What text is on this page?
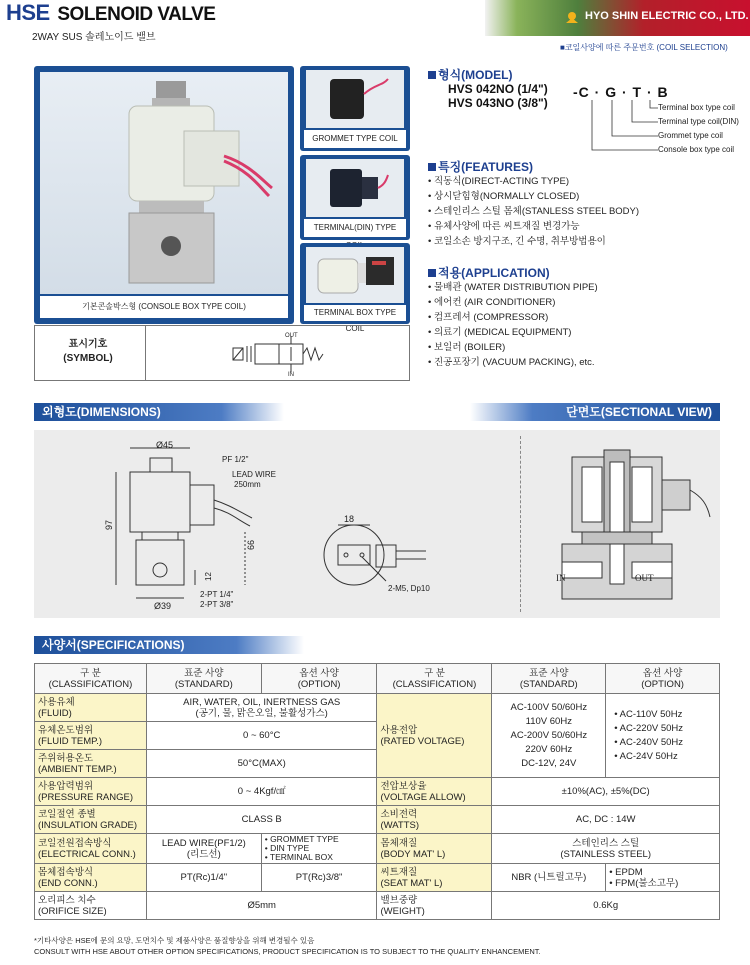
HSE SOLENOID VALVE
2WAY SUS 솔레노이드 밸브
HYO SHIN ELECTRIC CO., LTD.
■코일사양에 따른 주문번호 (COIL SELECTION)
기본콘솔박스형 (CONSOLE BOX TYPE COIL)
GROMMET TYPE COIL
TERMINAL(DIN) TYPE
TERMINAL BOX TYPE COIL
표시기호
(SYMBOL)
OUT
IN
형식(MODEL)
HVS 042NO (1/4")
HVS 043NO (3/8")
-C · G · T · B
Terminal box type coil
Terminal type coil(DIN)
Grommet type coil
Console box type coil
특징(FEATURES)
• 직동식(DIRECT-ACTING TYPE)
• 상시닫힘형(NORMALLY CLOSED)
• 스테인리스 스틸 몸체(STANLESS STEEL BODY)
• 유체사양에 따른 씨트재질 변경가능
• 코일소손 방지구조, 긴 수명, 취부방법용이
적용(APPLICATION)
• 물배관 (WATER DISTRIBUTION PIPE)
• 에어컨 (AIR CONDITIONER)
• 컴프레셔 (COMPRESSOR)
• 의료기 (MEDICAL EQUIPMENT)
• 보일러 (BOILER)
• 진공포장기 (VACUUM PACKING), etc.
외형도(DIMENSIONS)	단면도(SECTIONAL VIEW)
Ø45
PF 1/2"
LEAD WIRE
250mm
97
66
12
Ø39
2-PT 1/4"
2-PT 3/8"
18
2-M5, Dp10
IN	OUT
사양서(SPECIFICATIONS)
구 분
(CLASSIFICATION)	표준 사양
(STANDARD)	옵션 사양
(OPTION)	구 분
(CLASSIFICATION)	표준 사양
(STANDARD)	옵션 사양
(OPTION)

사용유체
(FLUID)	AIR, WATER, OIL, INERTNESS GAS
(공기, 물, 맑은오일, 불활성가스)		사용전압
(RATED VOLTAGE)	AC-100V 50/60Hz
110V 60Hz
AC-200V 50/60Hz
220V 60Hz
DC-12V, 24V	• AC-110V 50Hz
• AC-220V 50Hz
• AC-240V 50Hz
• AC-24V 50Hz

유체온도범위
(FLUID TEMP.)	0 ~ 60°C				

주위허용온도
(AMBIENT TEMP.)	50°C(MAX)				

사용압력범위
(PRESSURE RANGE)	0 ~ 4Kgf/㎠		전압보상율
(VOLTAGE ALLOW)	±10%(AC), ±5%(DC)	

코일절연 종별
(INSULATION GRADE)	CLASS B		소비전력
(WATTS)	AC, DC : 14W	

코일전원접속방식
(ELECTRICAL CONN.)	LEAD WIRE(PF1/2)
(리드선)	• GROMMET TYPE
• DIN TYPE
• TERMINAL BOX	몸체재질
(BODY MAT' L)	스테인리스 스틸
(STAINLESS STEEL)	

몸체접속방식
(END CONN.)	PT(Rc)1/4"	PT(Rc)3/8"	씨트재질
(SEAT MAT' L)	NBR (니트릴고무)	• EPDM
• FPM(불소고무)

오리피스 치수
(ORIFICE SIZE)	Ø5mm		밸브중량
(WEIGHT)	0.6Kg	
*기타사양은 HSE에 문의 요망, 도면치수 및 제품사양은 품질향상을 위해 변경될수 있음
CONSULT WITH HSE ABOUT OTHER OPTION SPECIFICATIONS, PRODUCT SPECIFICATION IS TO SUBJECT TO THE QUALITY ENHANCEMENT.
